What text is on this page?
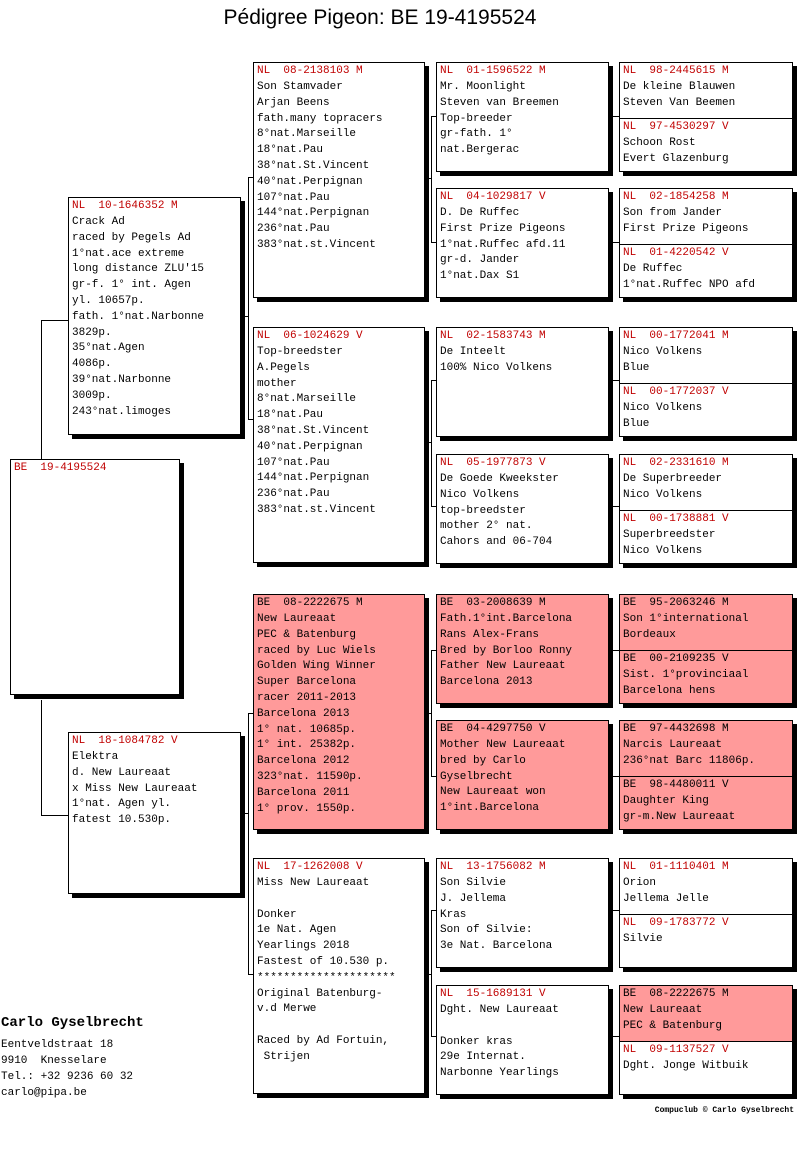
Pédigree Pigeon: BE 19-4195524
BE  19-4195524
NL  10-1646352 M
Crack Ad
raced by Pegels Ad
1°nat.ace extreme
long distance ZLU'15
gr-f. 1° int. Agen
yl. 10657p.
fath. 1°nat.Narbonne
3829p.
35°nat.Agen
4086p.
39°nat.Narbonne
3009p.
243°nat.limoges
NL  18-1084782 V
Elektra
d. New Laureaat
x Miss New Laureaat
1°nat. Agen yl.
fatest 10.530p.
NL  08-2138103 M
Son Stamvader
Arjan Beens
fath.many topracers
8°nat.Marseille
18°nat.Pau
38°nat.St.Vincent
40°nat.Perpignan
107°nat.Pau
144°nat.Perpignan
236°nat.Pau
383°nat.st.Vincent
NL  06-1024629 V
Top-breedster
A.Pegels
mother
8°nat.Marseille
18°nat.Pau
38°nat.St.Vincent
40°nat.Perpignan
107°nat.Pau
144°nat.Perpignan
236°nat.Pau
383°nat.st.Vincent
BE  08-2222675 M
New Laureaat
PEC & Batenburg
raced by Luc Wiels
Golden Wing Winner
Super Barcelona
racer 2011-2013
Barcelona 2013
1° nat. 10685p.
1° int. 25382p.
Barcelona 2012
323°nat. 11590p.
Barcelona 2011
1° prov. 1550p.
NL  17-1262008 V
Miss New Laureaat

Donker
1e Nat. Agen
Yearlings 2018
Fastest of 10.530 p.
*********************
Original Batenburg-
v.d Merwe

Raced by Ad Fortuin,
Strijen
NL  01-1596522 M
Mr. Moonlight
Steven van Breemen
Top-breeder
gr-fath. 1°
nat.Bergerac
NL  04-1029817 V
D. De Ruffec
First Prize Pigeons
1°nat.Ruffec afd.11
gr-d. Jander
1°nat.Dax S1
NL  02-1583743 M
De Inteelt
100% Nico Volkens
NL  05-1977873 V
De Goede Kweekster
Nico Volkens
top-breedster
mother 2° nat.
Cahors and 06-704
BE  03-2008639 M
Fath.1°int.Barcelona
Rans Alex-Frans
Bred by Borloo Ronny
Father New Laureaat
Barcelona 2013
BE  04-4297750 V
Mother New Laureaat
bred by Carlo
Gyselbrecht
New Laureaat won
1°int.Barcelona
NL  13-1756082 M
Son Silvie
J. Jellema
Kras
Son of Silvie:
3e Nat. Barcelona
NL  15-1689131 V
Dght. New Laureaat

Donker kras
29e Internat.
Narbonne Yearlings
NL  98-2445615 M
De kleine Blauwen
Steven Van Beemen
NL  97-4530297 V
Schoon Rost
Evert Glazenburg
NL  02-1854258 M
Son from Jander
First Prize Pigeons
NL  01-4220542 V
De Ruffec
1°nat.Ruffec NPO afd
NL  00-1772041 M
Nico Volkens
Blue
NL  00-1772037 V
Nico Volkens
Blue
NL  02-2331610 M
De Superbreeder
Nico Volkens
NL  00-1738881 V
Superbreedster
Nico Volkens
BE  95-2063246 M
Son 1°international
Bordeaux
BE  00-2109235 V
Sist. 1°provinciaal
Barcelona hens
BE  97-4432698 M
Narcis Laureaat
236°nat Barc 11806p.
BE  98-4480011 V
Daughter King
gr-m.New Laureaat
NL  01-1110401 M
Orion
Jellema Jelle
NL  09-1783772 V
Silvie
BE  08-2222675 M
New Laureaat
PEC & Batenburg
NL  09-1137527 V
Dght. Jonge Witbuik
Carlo Gyselbrecht
Eentveldstraat 18
9910  Knesselare
Tel.: +32 9236 60 32
carlo@pipa.be
Compuclub © Carlo Gyselbrecht
